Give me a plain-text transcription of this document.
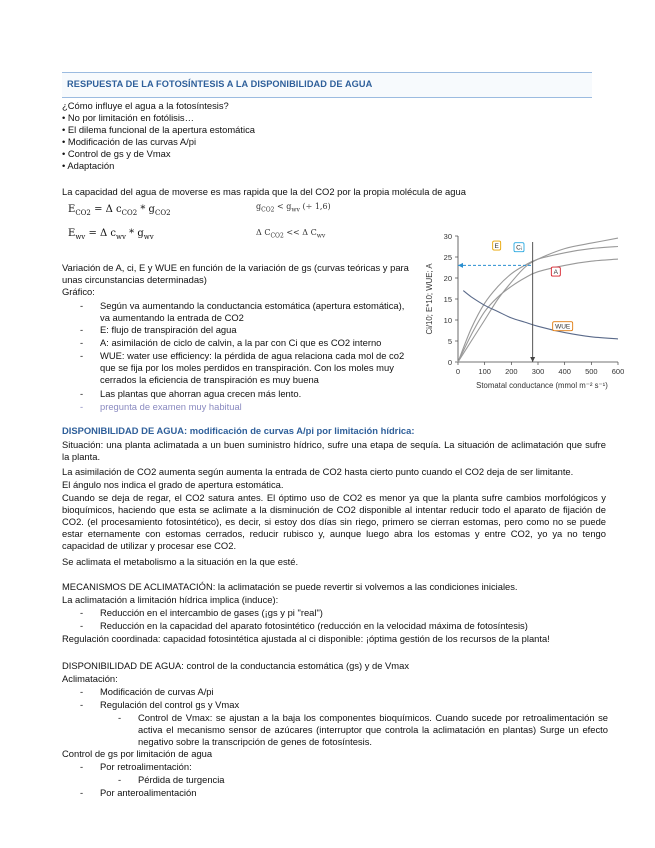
RESPUESTA DE LA FOTOSÍNTESIS A LA DISPONIBILIDAD DE AGUA
¿Cómo influye el agua a la fotosíntesis?
• No por limitación en fotólisis…
• El dilema funcional de la apertura estomática
• Modificación de las curvas A/pi
• Control de gs y de Vmax
• Adaptación
La capacidad del agua de moverse es mas rapida que la del CO2 por la propia molécula de agua
$E_{CO2} = \Delta$ $c_{CO2} * g_{CO2}$
$E_{wv} = \Delta$ $c_{wv} * g_{wv}$
$g_{CO2} < g_{wv}$ (÷ 1,6)
Δ $C_{CO2} << \Delta$ $C_{wv}$
Variación de A, ci, E y WUE en función de la variación de gs (curvas teóricas y para
unas circunstancias determinadas)
Gráfico:
- Según va aumentando la conductancia estomática (apertura estomática),
va aumentando la entrada de CO2
- E: flujo de transpiración del agua
- A: asimilación de ciclo de calvin, a la par con Ci que es CO2 interno
- WUE: water use efficiency: la pérdida de agua relaciona cada mol de co2
que se fija por los moles perdidos en transpiración. Con los moles muy
cerrados la eficiencia de transpiración es muy buena
- Las plantas que ahorran agua crecen más lento.
- pregunta de examen muy habitual
0
5
10
15
20
25
30
0 100 200 300 400 500 600
Stomatal conductance (mmol m⁻² s⁻¹)
Ci/10; E*10; WUE; A
E	Cᵢ
A
WUE
DISPONIBILIDAD DE AGUA: modificación de curvas A/pi por limitación hídrica:
Situación: una planta aclimatada a un buen suministro hídrico, sufre una etapa de sequía. La situación de aclimatación que sufre la planta.
La asimilación de CO2 aumenta según aumenta la entrada de CO2 hasta cierto punto cuando el CO2 deja de ser limitante.
El ángulo nos indica el grado de apertura estomática.
Cuando se deja de regar, el CO2 satura antes. El óptimo uso de CO2 es menor ya que la planta sufre cambios morfológicos y bioquímicos, haciendo que esta se aclimate a la disminución de CO2 disponible al intentar reducir todo el aparato de fijación de CO2. (el procesamiento fotosintético), es decir, si estoy dos días sin riego, primero se cierran estomas, pero como no se puede estar eternamente con estomas cerrados, reducir rubisco y, aunque luego abra los estomas y entre CO2, yo ya no tengo capacidad de utilizar y procesar ese CO2.
Se aclimata el metabolismo a la situación en la que esté.
MECANISMOS DE ACLIMATACIÓN: la aclimatación se puede revertir si volvemos a las condiciones iniciales.
La aclimatación a limitación hídrica implica (induce):
- Reducción en el intercambio de gases (¡gs y pi "real")
- Reducción en la capacidad del aparato fotosintético (reducción en la velocidad máxima de fotosíntesis)
Regulación coordinada: capacidad fotosintética ajustada al ci disponible: ¡óptima gestión de los recursos de la planta!
DISPONIBILIDAD DE AGUA: control de la conductancia estomática (gs) y de Vmax
Aclimatación:
- Modificación de curvas A/pi
- Regulación del control gs y Vmax
- Control de Vmax: se ajustan a la baja los componentes bioquímicos. Cuando sucede por retroalimentación se activa el mecanismo sensor de azúcares (interruptor que controla la aclimatación en plantas) Surge un efecto negativo sobre la transcripción de genes de fotosíntesis.
Control de gs por limitación de agua
- Por retroalimentación:
- Pérdida de turgencia
- Por anteroalimentación
